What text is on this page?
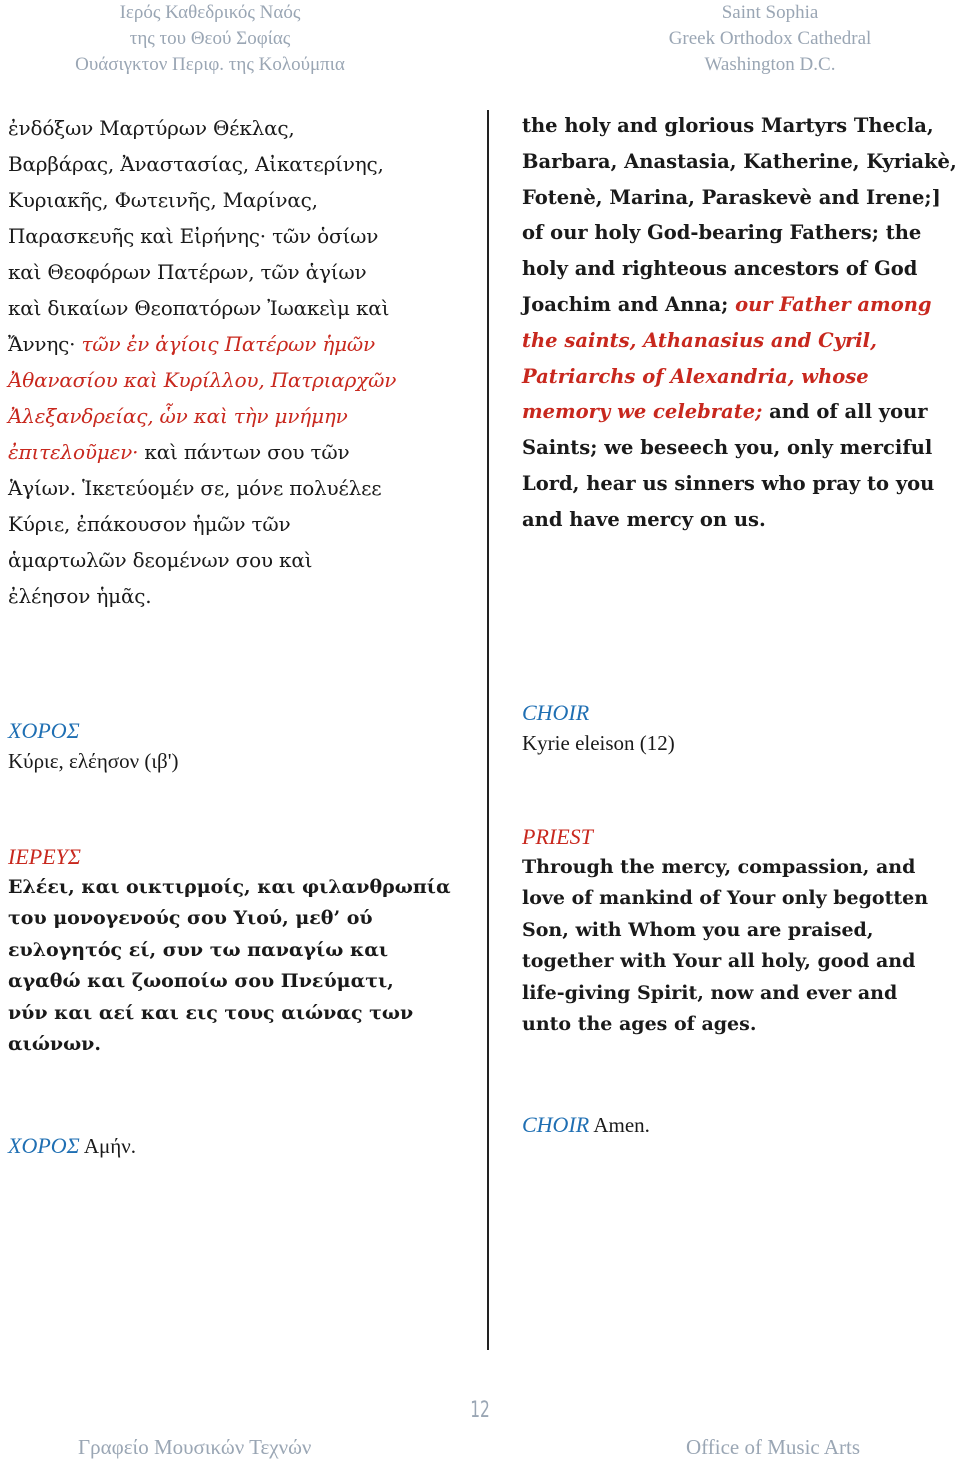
Ιερός Καθεδρικός Ναός
της του Θεού Σοφίας
Ουάσιγκτον Περιφ. της Κολούμπια
Saint Sophia
Greek Orthodox Cathedral
Washington D.C.
ἐνδόξων Μαρτύρων Θέκλας,
Βαρβάρας, Ἀναστασίας, Αἰκατερίνης,
Κυριακῆς, Φωτεινῆς, Μαρίνας,
Παρασκευῆς καὶ Εἰρήνης· τῶν ὁσίων
καὶ Θεοφόρων Πατέρων, τῶν ἁγίων
καὶ δικαίων Θεοπατόρων Ἰωακεὶμ καὶ
Ἄννης· τῶν ἐν ἁγίοις Πατέρων ἡμῶν
Ἀθανασίου καὶ Κυρίλλου, Πατριαρχῶν
Ἀλεξανδρείας, ὧν καὶ τὴν μνήμην
ἐπιτελοῦμεν· καὶ πάντων σου τῶν
Ἁγίων. Ἱκετεύομέν σε, μόνε πολυέλεε
Κύριε, ἐπάκουσον ἡμῶν τῶν
ἁμαρτωλῶν δεομένων σου καὶ
ἐλέησον ἡμᾶς.
the holy and glorious Martyrs Thecla,
Barbara, Anastasia, Katherine, Kyriakè,
Fotenè, Marina, Paraskevè and Irene;]
of our holy God-bearing Fathers; the
holy and righteous ancestors of God
Joachim and Anna; our Father among
the saints, Athanasius and Cyril,
Patriarchs of Alexandria, whose
memory we celebrate; and of all your
Saints; we beseech you, only merciful
Lord, hear us sinners who pray to you
and have mercy on us.
ΧΟΡΟΣ
Κύριε, ελέησον (ιβ')
CHOIR
Kyrie eleison (12)
ΙΕΡΕΥΣ
Ελέει, και οικτιρμοίς, και φιλανθρωπία
του μονογενούς σου Υιού, μεθ’ ού
ευλογητός εί, συν τω παναγίω και
αγαθώ και ζωοποίω σου Πνεύματι,
νύν και αεί και εις τους αιώνας των
αιώνων.
PRIEST
Through the mercy, compassion, and
love of mankind of Your only begotten
Son, with Whom you are praised,
together with Your all holy, good and
life-giving Spirit, now and ever and
unto the ages of ages.
ΧΟΡΟΣ Αμήν.
CHOIR Amen.
12
Γραφείο Μουσικών Τεχνών	Office of Music Arts
